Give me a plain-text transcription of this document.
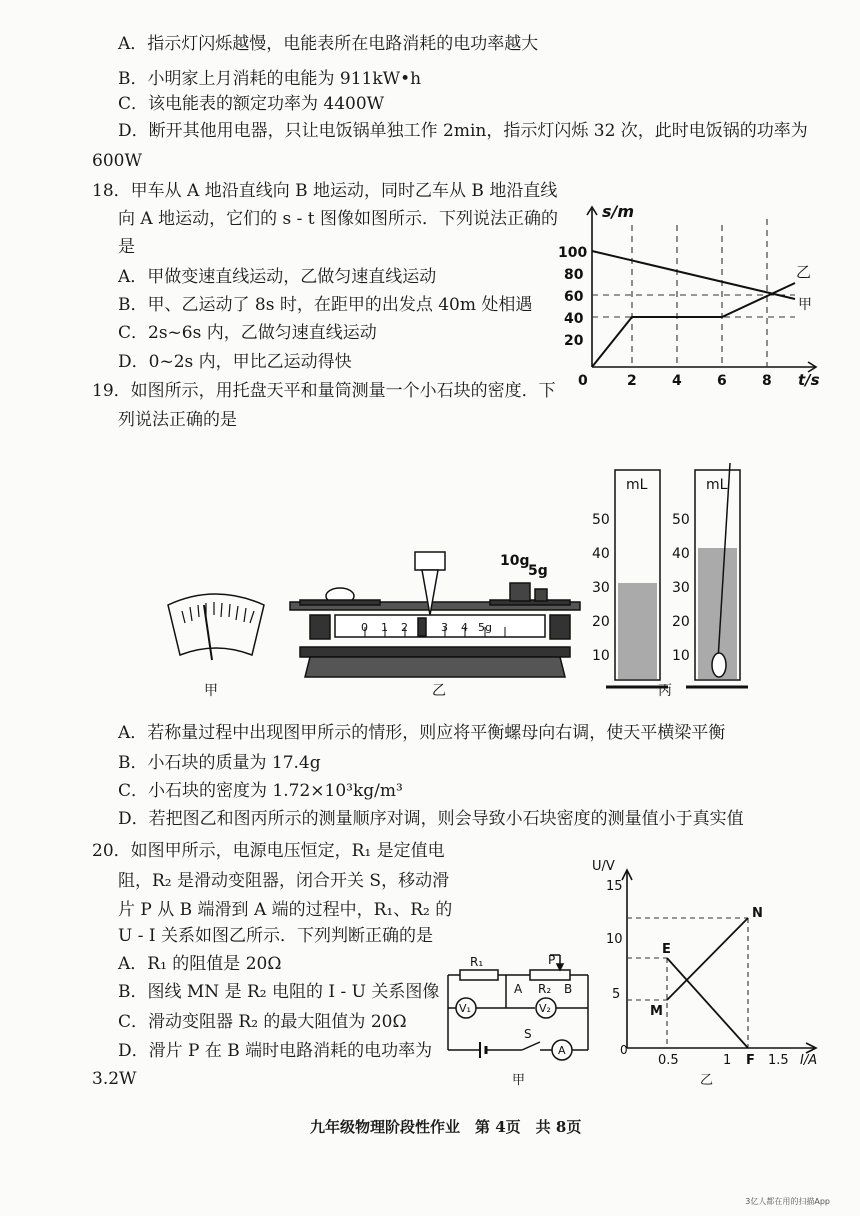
A．指示灯闪烁越慢，电能表所在电路消耗的电功率越大
B．小明家上月消耗的电能为 911kW•h
C．该电能表的额定功率为 4400W
D．断开其他用电器，只让电饭锅单独工作 2min，指示灯闪烁 32 次，此时电饭锅的功率为
600W
18．甲车从 A 地沿直线向 B 地运动，同时乙车从 B 地沿直线
向 A 地运动，它们的 s - t 图像如图所示．下列说法正确的
是
A．甲做变速直线运动，乙做匀速直线运动
B．甲、乙运动了 8s 时，在距甲的出发点 40m 处相遇
C．2s~6s 内，乙做匀速直线运动
D．0~2s 内，甲比乙运动得快
s/m
t/s
100
80
60
40
20
0	2	4	6	8
乙
甲
19．如图所示，用托盘天平和量筒测量一个小石块的密度．下
列说法正确的是
甲
10g
5g
0 1 2	3 4 5g
乙
mL	mL
50
40
30
20
10
50
40
30
20
10
丙
A．若称量过程中出现图甲所示的情形，则应将平衡螺母向右调，使天平横梁平衡
B．小石块的质量为 17.4g
C．小石块的密度为 1.72×10³kg/m³
D．若把图乙和图丙所示的测量顺序对调，则会导致小石块密度的测量值小于真实值
20．如图甲所示，电源电压恒定，R₁ 是定值电
阻，R₂ 是滑动变阻器，闭合开关 S，移动滑
片 P 从 B 端滑到 A 端的过程中，R₁、R₂ 的
U - I 关系如图乙所示．下列判断正确的是
A．R₁ 的阻值是 20Ω
B．图线 MN 是 R₂ 电阻的 I - U 关系图像
C．滑动变阻器 R₂ 的最大阻值为 20Ω
D．滑片 P 在 B 端时电路消耗的电功率为
3.2W
R₁	P
A R₂ B
V₁	V₂
S
A
甲
U/V
I/A
15
10
5
0
0.5	1	1.5
E
M
N
F
乙
九年级物理阶段性作业　第 4页　共 8页
3亿人都在用的扫描App
